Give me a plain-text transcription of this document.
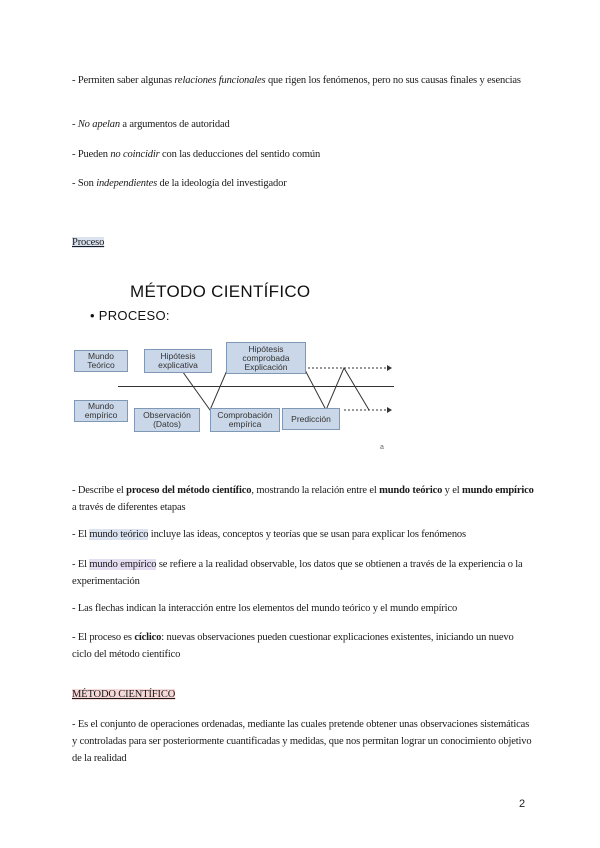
- Permiten saber algunas relaciones funcionales que rigen los fenómenos, pero no sus causas finales y esencias

- No apelan a argumentos de autoridad

- Pueden no coincidir con las deducciones del sentido común

- Son independientes de la ideología del investigador

Proceso

MÉTODO CIENTÍFICO
• PROCESO:
Mundo
Teórico
Hipótesis
explicativa
Hipótesis
comprobada
Explicación
Mundo
empírico	Observación
(Datos)
Comprobación
empírica
Predicción
a

- Describe el proceso del método científico, mostrando la relación entre el mundo teórico y el mundo empírico a través de diferentes etapas

- El mundo teórico incluye las ideas, conceptos y teorías que se usan para explicar los fenómenos

- El mundo empírico se refiere a la realidad observable, los datos que se obtienen a través de la experiencia o la experimentación

- Las flechas indican la interacción entre los elementos del mundo teórico y el mundo empírico

- El proceso es cíclico: nuevas observaciones pueden cuestionar explicaciones existentes, iniciando un nuevo ciclo del método científico

MÉTODO CIENTÍFICO

- Es el conjunto de operaciones ordenadas, mediante las cuales pretende obtener unas observaciones sistemáticas y controladas para ser posteriormente cuantificadas y medidas, que nos permitan lograr un conocimiento objetivo de la realidad

2
